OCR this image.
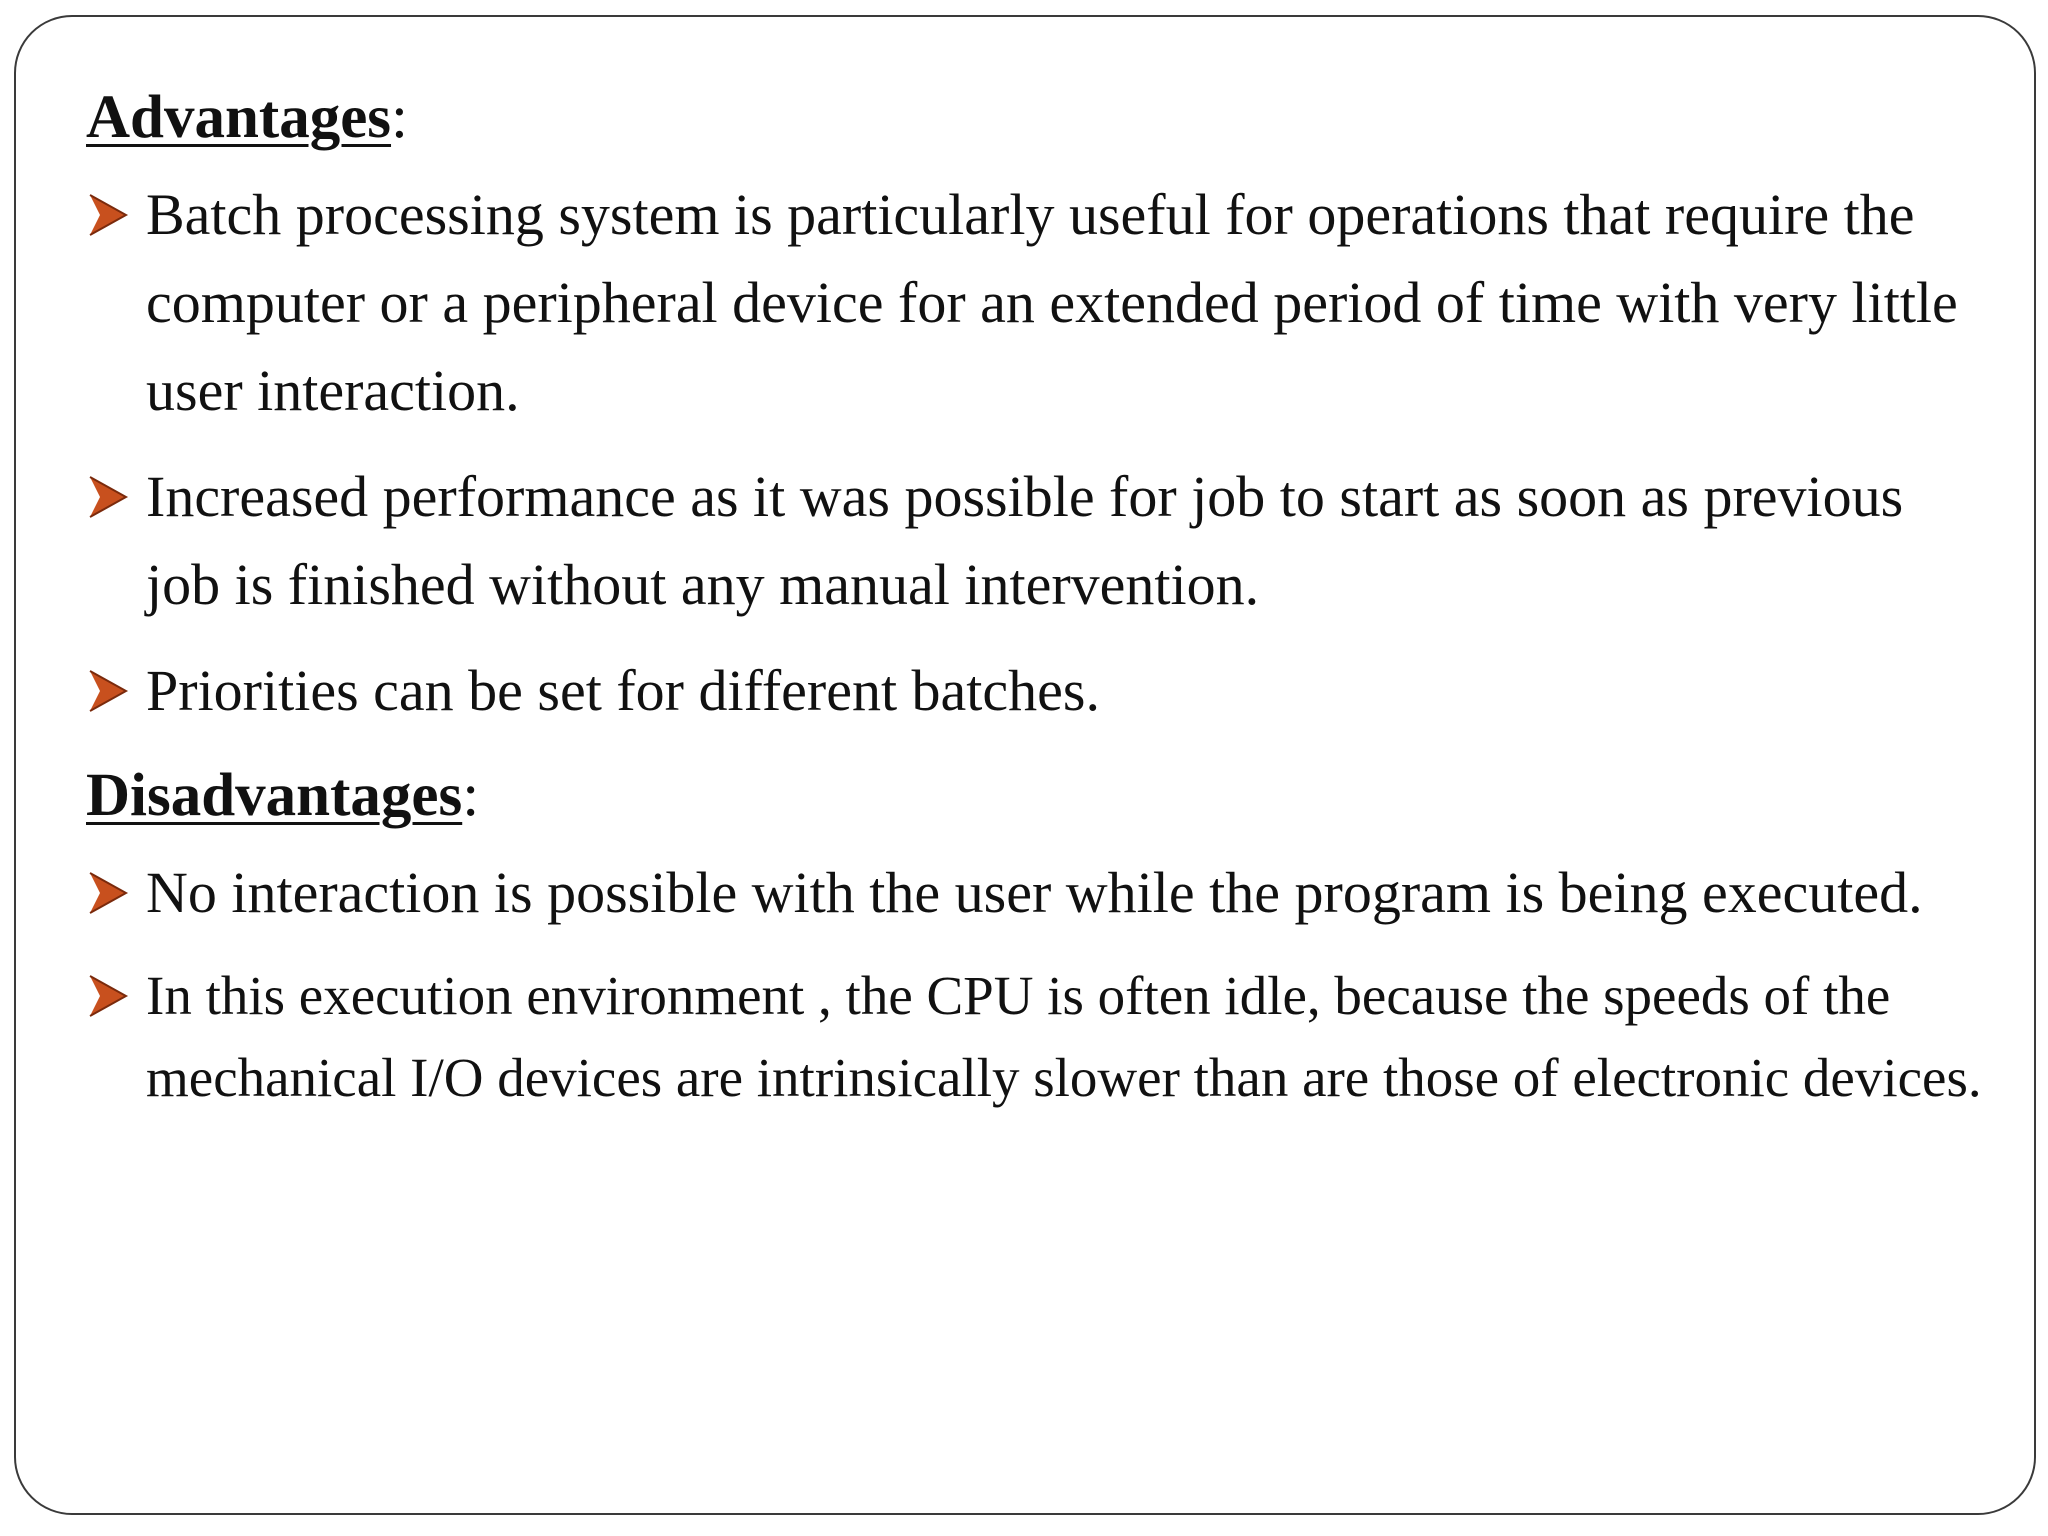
Advantages:
Batch processing system is particularly useful for operations that require the computer or a peripheral device for an extended period of time with very little user interaction.
Increased performance as it was possible for job to start as soon as previous job is finished without any manual intervention.
Priorities can be set for different batches.
Disadvantages:
No interaction is possible with the user while the program is being executed.
In this execution environment , the CPU is often idle, because the speeds of the mechanical I/O devices are intrinsically slower than are those of electronic devices.
